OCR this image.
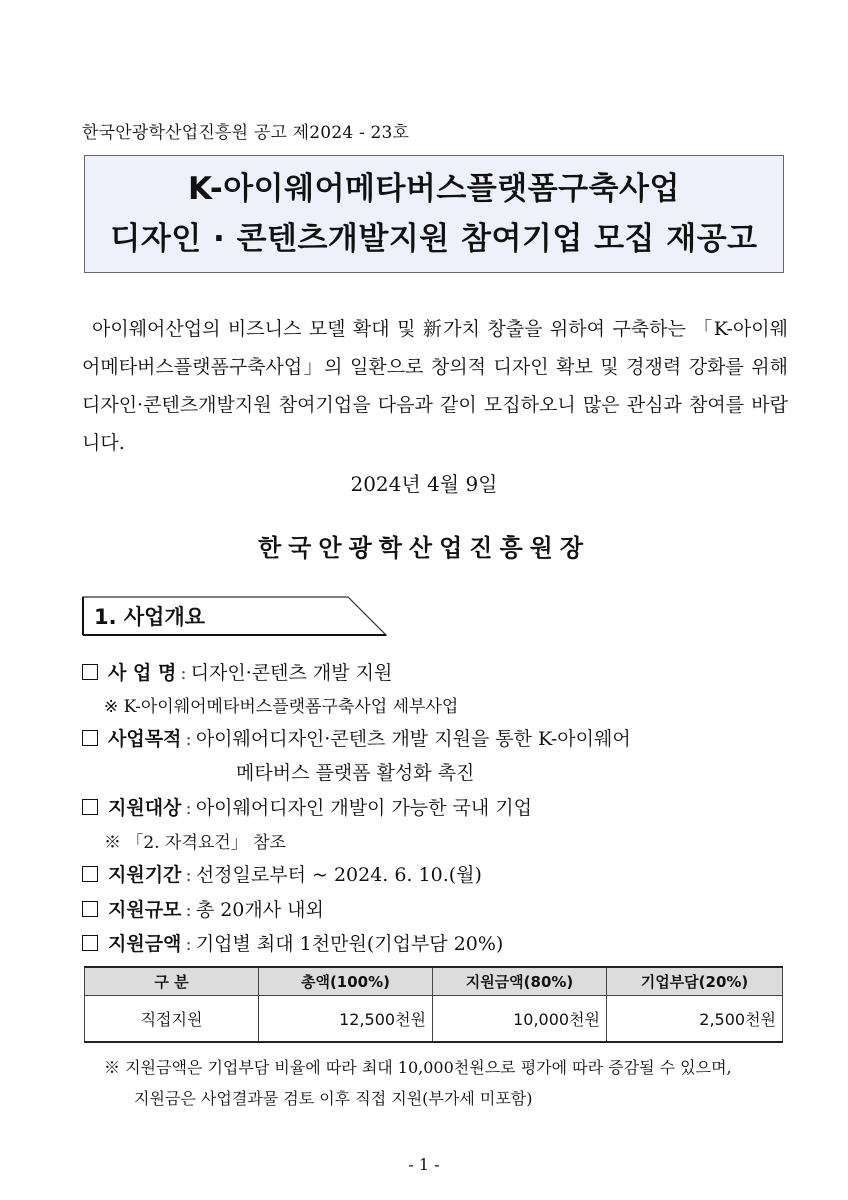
한국안광학산업진흥원 공고 제2024 - 23호
K-아이웨어메타버스플랫폼구축사업
디자인 · 콘텐츠개발지원 참여기업 모집 재공고

아이웨어산업의 비즈니스 모델 확대 및 新가치 창출을 위하여 구축하는 「K-아이웨어메타버스플랫폼구축사업」의 일환으로 창의적 디자인 확보 및 경쟁력 강화를 위해 디자인·콘텐츠개발지원 참여기업을 다음과 같이 모집하오니 많은 관심과 참여를 바랍니다.

2024년 4월 9일
한국안광학산업진흥원장
1. 사업개요
사 업 명 : 디자인·콘텐츠 개발 지원
※ K-아이웨어메타버스플랫폼구축사업 세부사업
사업목적 : 아이웨어디자인·콘텐츠 개발 지원을 통한 K-아이웨어
메타버스 플랫폼 활성화 촉진
지원대상 : 아이웨어디자인 개발이 가능한 국내 기업
※ 「2. 자격요건」 참조
지원기간 : 선정일로부터 ~ 2024. 6. 10.(월)
지원규모 : 총 20개사 내외
지원금액 : 기업별 최대 1천만원(기업부담 20%)
구 분	총액(100%)	지원금액(80%)	기업부담(20%)
직접지원	12,500천원	10,000천원	2,500천원
※ 지원금액은 기업부담 비율에 따라 최대 10,000천원으로 평가에 따라 증감될 수 있으며,
지원금은 사업결과물 검토 이후 직접 지원(부가세 미포함)
- 1 -
